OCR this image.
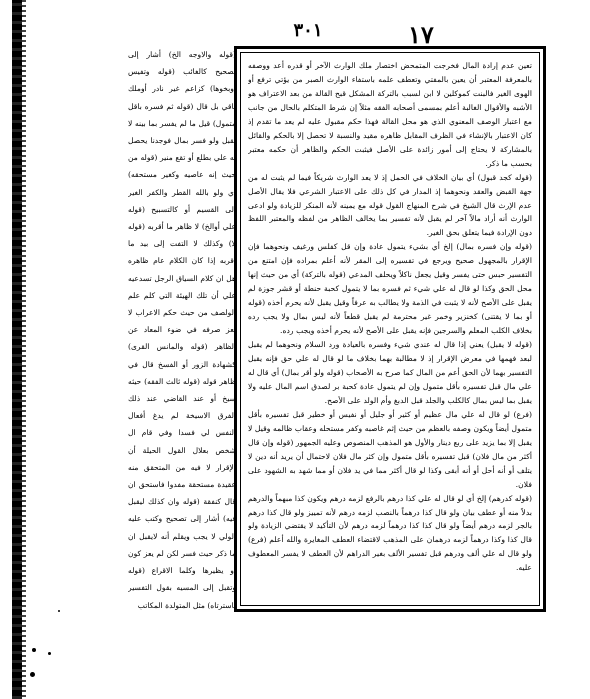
٣٠١	١٧

(قوله والاوجه الخ) أشار إلى تصحيح كالغائب (قوله وتفيس أوبخوها) كزاعم غير نادر أوملك باقي بل قال (قوله ثم فسره باقل متمول) قيل ما لم يفسر بما بينه لا يقبل ولو فسر بمال فوجدنا يحصل به علي بطلع أو تقع منير (قوله من حيث إنه عاصيه وكغير مستحقه) أي ولو بالله القطر والكفر الغير إلى القسيم أو كالتسبيح (قوله علي أوالخ) لا ظاهر ما أقربه (قوله لا) وكذلك لا التفت إلى بيد ما أقربه إذا كان الكلام عام ظاهره هل ان كلام السياق الرجل تسدعيه علي أن تلك الهيئة التي كلم علم الولصف من حيث حكم الاعراب لا يعز صرفه في ضوء المعاد عن الظاهر (قوله والمانس القرى) كشهادة الزور أو الفسخ قال في ظاهر قوله (قوله ثالث الفقه) حيثه سيخ أو عند القاضي عند ذلك الفرق الاسيخة لم يدغ أفعال النفس لي فسدا وفي قام ال شخص بعلال القول الحيلة أن الإقرار لا فيه من المتحقق منه عقيدة مستحقة مفدوا فاستحق ان قال كنفقة (قوله وان كذلك ليقبل فيه) أشار إلى تصحيح وكتب عليه الولي لا يجب ويقلم أنه لايقبل ان ما ذكر حيث فسر لكن لم يعز كون أو يظيرها وكلما الاقراع (قوله وتقبل إلى المسيه بقول التفسير باسترتاه) مثل المتولدة المكاتب

تعين عدم إرادة المال فخرجت المتمحض اختصار ملك الوارث الآخر أو قدره أعد ووصفه بالمعرفة المعتبر أن يعين بالمفتي وتعطف علمه باستفاء الوارث الصبر من يؤتي ترفع أو الهوى الغير فالبنت كموكلين لا ابن لسبب بالتركة المشكل قبح القالة من بعد الاعتراف هو الأشبه والأقوال الغالبة أعلم بمسمى أصحابه الفقه مثلاً إن شرط المتكلم بالحال من جانب مع اعتبار الوصف المعنوي الذي هو محل القالة فهذا حكم مقبول عليه لم يعد ما تقدم إذ كان الاعتبار بالإنشاء في الظرف المقابل ظاهره مقيد والنسبة لا تحصل إلا بالحكم والقائل بالمشاركة لا يحتاج إلى أمور زائدة على الأصل فيثبت الحكم والظاهر أن حكمه معتبر بحسب ما ذكر.

(قوله كجد قبول) أي بيان الخلاف في الحمل إذ لا يعد الوارث شريكاً فيما لم يثبت له من جهة القبض والعقد ونحوهما إذ المدار في كل ذلك على الاعتبار الشرعي فلا يقال الأصل عدم الإرث قال الشيخ في شرح المنهاج القول قوله مع يمينه لأنه المنكر للزيادة ولو ادعى الوارث أنه أراد مالاً آخر لم يقبل لأنه تفسير بما يخالف الظاهر من لفظه والمعتبر اللفظ دون الإرادة فيما يتعلق بحق الغير.

(قوله وإن فسره بمال) إلخ أي بشيء يتمول عادة وإن قل كفلس ورغيف ونحوهما فإن الإقرار بالمجهول صحيح ويرجع في تفسيره إلى المقر لأنه أعلم بمراده فإن امتنع من التفسير حبس حتى يفسر وقيل يجعل ناكلاً ويحلف المدعي (قوله بالتركة) أي من حيث إنها محل الحق وكذا لو قال له علي شيء ثم فسره بما لا يتمول كحبة حنطة أو قشر جوزة لم يقبل على الأصح لأنه لا يثبت في الذمة ولا يطالب به عرفاً وقيل يقبل لأنه يحرم أخذه (قوله أو بما لا يقتنى) كخنزير وخمر غير محترمة لم يقبل قطعاً لأنه ليس بمال ولا يجب رده بخلاف الكلب المعلم والسرجين فإنه يقبل على الأصح لأنه يحرم أخذه ويجب رده.

(قوله لا يقبل) يعني إذا قال له عندي شيء وفسره بالعيادة ورد السلام ونحوهما لم يقبل لبعد فهمها في معرض الإقرار إذ لا مطالبة بهما بخلاف ما لو قال له علي حق فإنه يقبل التفسير بهما لأن الحق أعم من المال كما صرح به الأصحاب (قوله ولو أقر بمال) أي قال له علي مال قبل تفسيره بأقل متمول وإن لم يتمول عادة كحبة بر لصدق اسم المال عليه ولا يقبل بما ليس بمال كالكلب والجلد قبل الدبغ وأم الولد على الأصح.

(فرع) لو قال له علي مال عظيم أو كثير أو جليل أو نفيس أو خطير قبل تفسيره بأقل متمول أيضاً ويكون وصفه بالعظم من حيث إثم غاصبه وكفر مستحله وعقاب ظالمه وقيل لا يقبل إلا بما يزيد على ربع دينار والأول هو المذهب المنصوص وعليه الجمهور (قوله وإن قال أكثر من مال فلان) قبل تفسيره بأقل متمول وإن كثر مال فلان لاحتمال أن يريد أنه دين لا يتلف أو أنه أحل أو أنه أبقى وكذا لو قال أكثر مما في يد فلان أو مما شهد به الشهود على فلان.

(قوله كدرهم) إلخ أي لو قال له علي كذا درهم بالرفع لزمه درهم ويكون كذا مبهماً والدرهم بدلاً منه أو عطف بيان ولو قال كذا درهماً بالنصب لزمه درهم لأنه تمييز ولو قال كذا درهم بالجر لزمه درهم أيضاً ولو قال كذا كذا درهماً لزمه درهم لأن التأكيد لا يقتضي الزيادة ولو قال كذا وكذا درهماً لزمه درهمان على المذهب لاقتضاء العطف المغايرة والله أعلم (فرع) ولو قال له علي ألف ودرهم قبل تفسير الألف بغير الدراهم لأن العطف لا يفسر المعطوف عليه.
